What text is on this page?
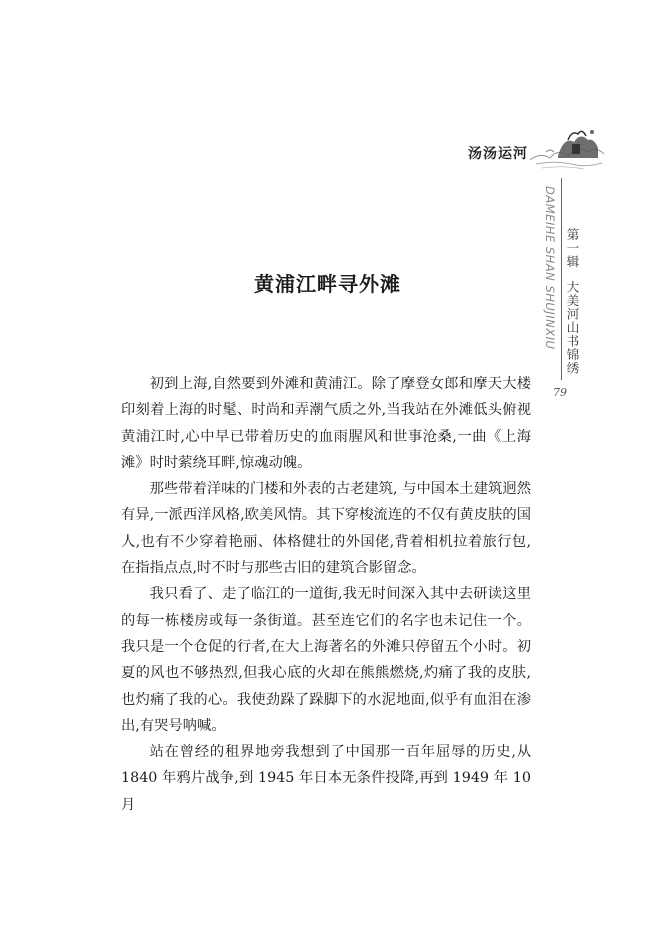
汤汤运河
DAMEIHE SHAN SHUJINXIU 第一辑大美河山书锦绣
79
黄浦江畔寻外滩

初到上海,自然要到外滩和黄浦江。除了摩登女郎和摩天大楼印刻着上海的时髦、时尚和弄潮气质之外,当我站在外滩低头俯视黄浦江时,心中早已带着历史的血雨腥风和世事沧桑,一曲《上海滩》时时萦绕耳畔,惊魂动魄。

那些带着洋味的门楼和外表的古老建筑, 与中国本土建筑迥然有异,一派西洋风格,欧美风情。其下穿梭流连的不仅有黄皮肤的国人,也有不少穿着艳丽、体格健壮的外国佬,背着相机拉着旅行包,在指指点点,时不时与那些古旧的建筑合影留念。

我只看了、走了临江的一道街,我无时间深入其中去研读这里的每一栋楼房或每一条街道。甚至连它们的名字也未记住一个。我只是一个仓促的行者,在大上海著名的外滩只停留五个小时。初夏的风也不够热烈,但我心底的火却在熊熊燃烧,灼痛了我的皮肤,也灼痛了我的心。我使劲跺了跺脚下的水泥地面,似乎有血泪在渗出,有哭号呐喊。

站在曾经的租界地旁我想到了中国那一百年屈辱的历史,从1840 年鸦片战争,到 1945 年日本无条件投降,再到 1949 年 10 月
